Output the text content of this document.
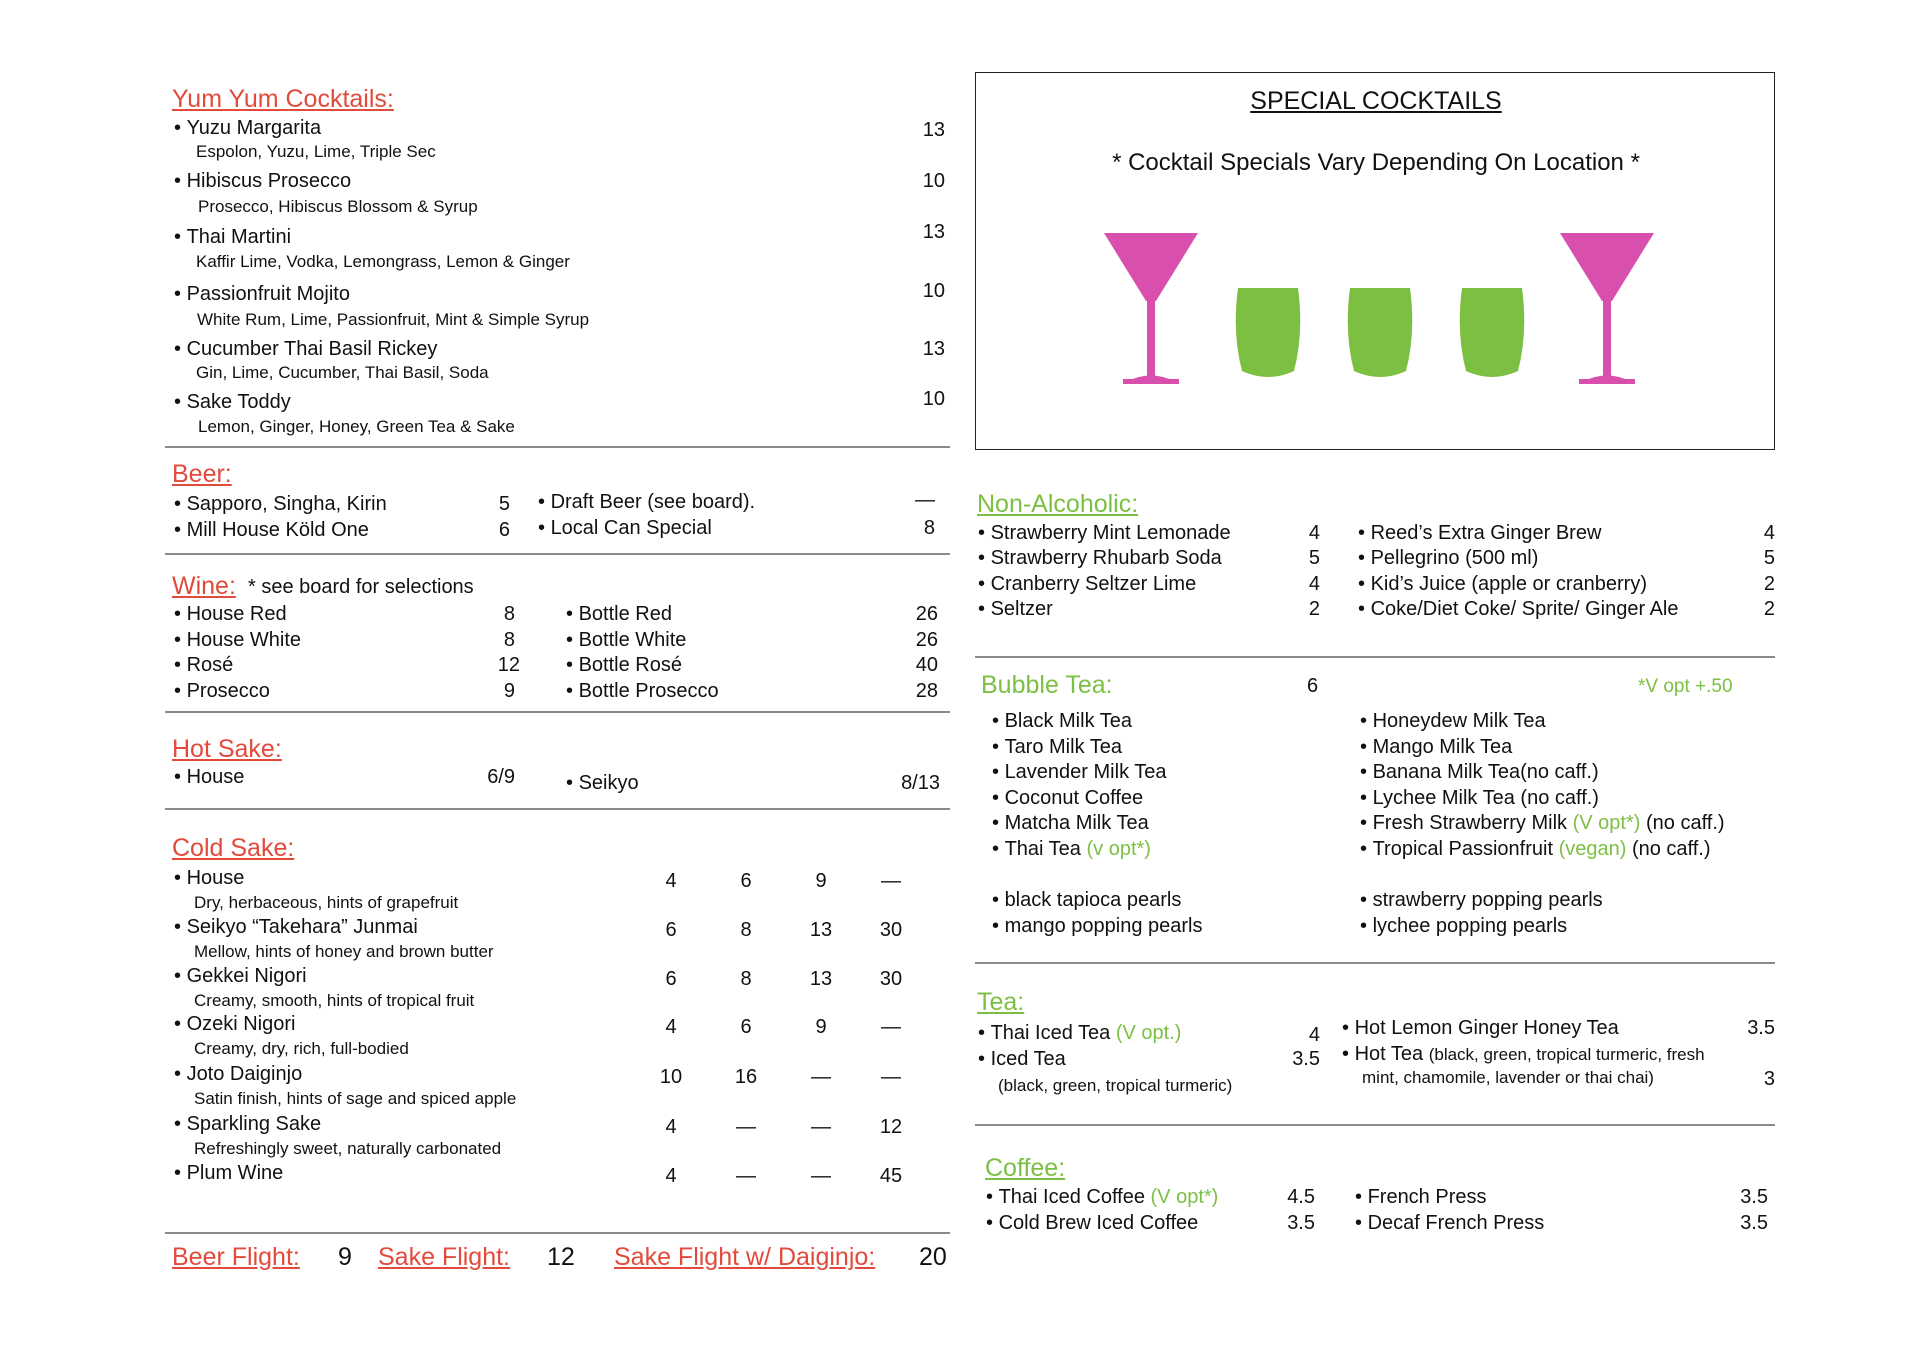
Yum Yum Cocktails:
• Yuzu Margarita
Espolon, Yuzu, Lime, Triple Sec
13
• Hibiscus Prosecco
Prosecco, Hibiscus Blossom & Syrup
10
• Thai Martini
Kaffir Lime, Vodka, Lemongrass, Lemon & Ginger
13
• Passionfruit Mojito
White Rum, Lime, Passionfruit, Mint & Simple Syrup
10
• Cucumber Thai Basil Rickey
Gin, Lime, Cucumber, Thai Basil, Soda
13
• Sake Toddy
Lemon, Ginger, Honey, Green Tea & Sake
10
SPECIAL COCKTAILS
* Cocktail Specials Vary Depending On Location *
Beer:
• Sapporo, Singha, Kirin	5
• Mill House Köld One	6
• Draft Beer (see board).	—
• Local Can Special	8
Wine: * see board for selections
• House Red	8
• House White	8
• Rosé	12
• Prosecco	9
• Bottle Red	26
• Bottle White	26
• Bottle Rosé	40
• Bottle Prosecco	28
Hot Sake:
• House	6/9	• Seikyo	8/13
Cold Sake:
• House
Dry, herbaceous, hints of grapefruit
4	6	9	—
• Seikyo “Takehara” Junmai
Mellow, hints of honey and brown butter
6	8	13 30
• Gekkei Nigori
Creamy, smooth, hints of tropical fruit
6	8	13 30
• Ozeki Nigori
Creamy, dry, rich, full-bodied
4	6	9	—
• Joto Daiginjo
Satin finish, hints of sage and spiced apple
10	16	—	—
• Sparkling Sake
Refreshingly sweet, naturally carbonated
4	—	—	12
• Plum Wine	4	—	—	45
Beer Flight: 9 Sake Flight: 12 Sake Flight w/ Daiginjo: 20
Non-Alcoholic:
• Strawberry Mint Lemonade	4
• Strawberry Rhubarb Soda	5
• Cranberry Seltzer Lime	4
• Seltzer	2
• Reed’s Extra Ginger Brew	4
• Pellegrino (500 ml)	5
• Kid’s Juice (apple or cranberry)	2
• Coke/Diet Coke/ Sprite/ Ginger Ale	2
Bubble Tea:	6	*V opt +.50
• Black Milk Tea
• Taro Milk Tea
• Lavender Milk Tea
• Coconut Coffee
• Matcha Milk Tea
• Thai Tea (v opt*)
• black tapioca pearls
• mango popping pearls
• Honeydew Milk Tea
• Mango Milk Tea
• Banana Milk Tea(no caff.)
• Lychee Milk Tea (no caff.)
• Fresh Strawberry Milk (V opt*) (no caff.)
• Tropical Passionfruit (vegan) (no caff.)
• strawberry popping pearls
• lychee popping pearls
Tea:
• Thai Iced Tea (V opt.)	4
• Iced Tea	3.5
(black, green, tropical turmeric)
• Hot Lemon Ginger Honey Tea	3.5
• Hot Tea (black, green, tropical turmeric, fresh
mint, chamomile, lavender or thai chai)	3
Coffee:
• Thai Iced Coffee (V opt*)	4.5
• Cold Brew Iced Coffee	3.5
• French Press	3.5
• Decaf French Press	3.5
